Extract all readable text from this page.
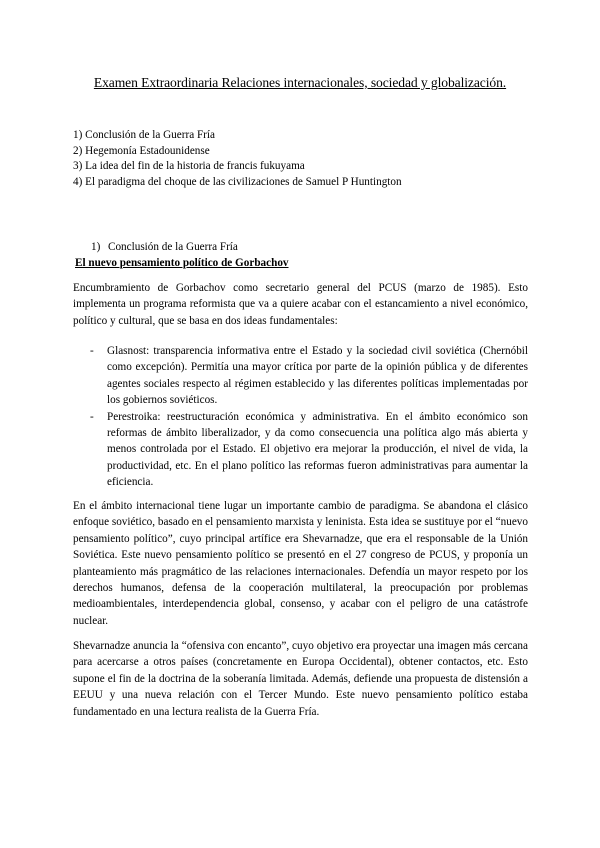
Examen Extraordinaria Relaciones internacionales, sociedad y globalización.
1) Conclusión de la Guerra Fría
2) Hegemonía Estadounidense
3) La idea del fin de la historia de francis fukuyama
4) El paradigma del choque de las civilizaciones de Samuel P Huntington

1) Conclusión de la Guerra Fría

El nuevo pensamiento político de Gorbachov

Encumbramiento de Gorbachov como secretario general del PCUS (marzo de 1985). Esto implementa un programa reformista que va a quiere acabar con el estancamiento a nivel económico, político y cultural, que se basa en dos ideas fundamentales:

- Glasnost: transparencia informativa entre el Estado y la sociedad civil soviética (Chernóbil como excepción). Permitía una mayor crítica por parte de la opinión pública y de diferentes agentes sociales respecto al régimen establecido y las diferentes políticas implementadas por los gobiernos soviéticos.
- Perestroika: reestructuración económica y administrativa. En el ámbito económico son reformas de ámbito liberalizador, y da como consecuencia una política algo más abierta y menos controlada por el Estado. El objetivo era mejorar la producción, el nivel de vida, la productividad, etc. En el plano político las reformas fueron administrativas para aumentar la eficiencia.

En el ámbito internacional tiene lugar un importante cambio de paradigma. Se abandona el clásico enfoque soviético, basado en el pensamiento marxista y leninista. Esta idea se sustituye por el “nuevo pensamiento político”, cuyo principal artífice era Shevarnadze, que era el responsable de la Unión Soviética. Este nuevo pensamiento político se presentó en el 27 congreso de PCUS, y proponía un planteamiento más pragmático de las relaciones internacionales. Defendía un mayor respeto por los derechos humanos, defensa de la cooperación multilateral, la preocupación por problemas medioambientales, interdependencia global, consenso, y acabar con el peligro de una catástrofe nuclear.

Shevarnadze anuncia la “ofensiva con encanto”, cuyo objetivo era proyectar una imagen más cercana para acercarse a otros países (concretamente en Europa Occidental), obtener contactos, etc. Esto supone el fin de la doctrina de la soberanía limitada. Además, defiende una propuesta de distensión a EEUU y una nueva relación con el Tercer Mundo. Este nuevo pensamiento político estaba fundamentado en una lectura realista de la Guerra Fría.
